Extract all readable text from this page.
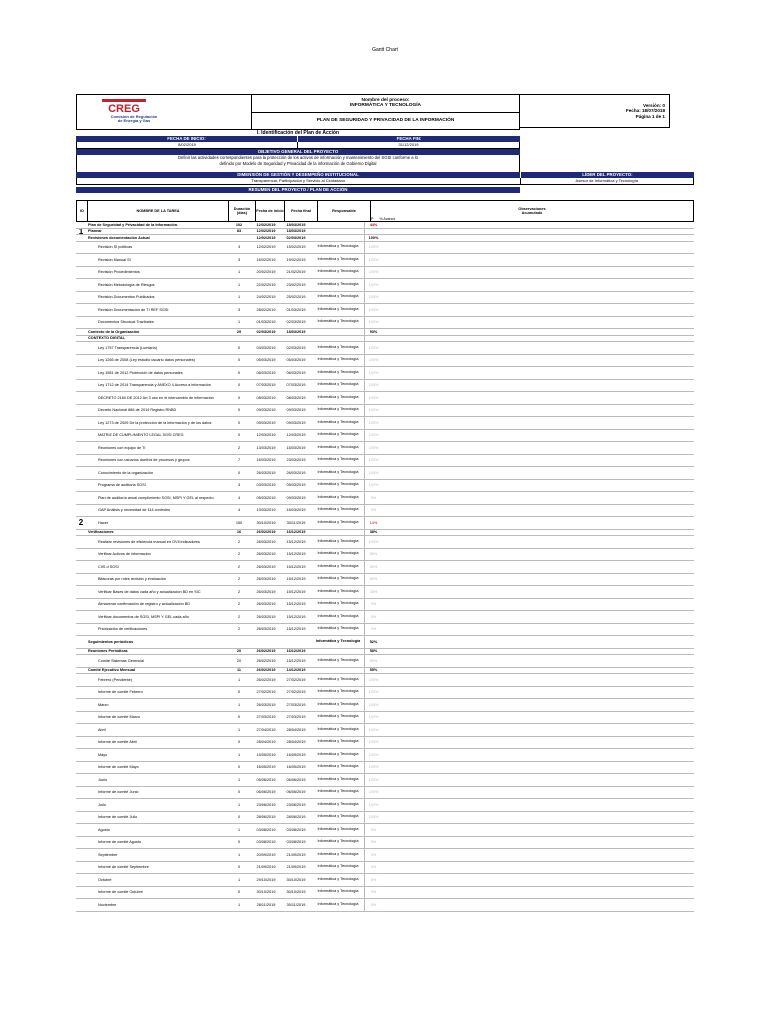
Gantt Chart
CREG
Comisión de Regulación
de Energía y Gas
Nombre del proceso:
INFORMÁTICA Y TECNOLOGÍA
PLAN DE SEGURIDAD Y PRIVACIDAD DE LA INFORMACIÓN
Versión: 0
Fecha: 18/07/2018
Página 1 de 1
I. Identificación del Plan de Acción
FECHA DE INICIO:	FECHA FIN:
8/02/2019	31/12/2019
OBJETIVO GENERAL DEL PROYECTO
Definir las actividades correspondientes para la protección de los activos de información y mantenimiento del SGSI conforme a lo
definido por Modelo de Seguridad y Privacidad de la información de Gobierno Digital
DIMENSIÓN DE GESTIÓN Y DESEMPEÑO INSTITUCIONAL	LÍDER DEL PROYECTO:
Transparencia, Participación y Servicio al Ciudadano	Asesor de Informática y Tecnología
RESUMEN DEL PROYECTO / PLAN DE ACCIÓN
ID	NOMBRE DE LA TAREA
Duración (días)
Fecha de inicio	Fecha final	Responsable
Observaciones
Acumulado
P % Avance
Plan de Seguridad y Privacidad de la Información.	102	12/02/2019	18/03/2019	44%
1	Planear	83	12/02/2019	18/03/2019
Revisiones documentación Actual	12/02/2019	02/03/2019	100%
Revisión SI políticas	3	12/02/2019	15/02/2019	Informática y Tecnología	100%
Revisión Manual SI	3	16/02/2019	19/02/2019	Informática y Tecnología	100%
Revisión Procedimientos	1	20/02/2019	21/02/2019	Informática y Tecnología	100%
Revisión Metodología de Riesgos	1	22/02/2019	23/02/2019	Informática y Tecnología	100%
Revisión Documentos Publicados	1	24/02/2019	25/02/2019	Informática y Tecnología	100%
Revisión Documentación de TI REF SGSI	3	28/02/2019	01/03/2019	Informática y Tecnología	100%
Documentos Structual Trazibales	1	01/03/2019	02/03/2019	Informática y Tecnología	100%
Contexto de la Organización	29	02/03/2019	18/03/2019	93%
CONTEXTO DIGITAL
Ley 1757 Transparencia (Lumiaria)	0	04/03/2019	02/03/2019	Informática y Tecnología	100%
Ley 1266 de 2008 (Ley estudio usuario datos personales)	0	05/03/2019	05/03/2019	Informática y Tecnología	100%
Ley 1581 de 2012 Protección de datos personales	0	06/03/2019	06/03/2019	Informática y Tecnología	100%
Ley 1712 de 2014 Transparencia y ANEXO 4 Acceso a información	0	07/03/2019	07/03/2019	Informática y Tecnología	100%
DECRETO 2160 DE 2012 Art 3 uso en el intercambio de información	0	08/03/2019	08/03/2019	Informática y Tecnología	100%
Decreto Nacional 886 de 2014 Registro RNBD	0	09/03/2019	09/03/2019	Informática y Tecnología	100%
Ley 1273 de 2009 De la protección de la información y de los datos	0	09/03/2019	09/03/2019	Informática y Tecnología	100%
MATRIZ DE CUMPLIMIENTO LEGAL SGSI CREG	0	12/03/2019	12/03/2019	Informática y Tecnología	100%
Reuniones con equipo de TI	2	13/03/2019	15/03/2019	Informática y Tecnología	100%
Reuniones con usuarios dueños de procesos y grupos	7	16/03/2019	23/03/2019	Informática y Tecnología	100%
Conocimiento de la organización	0	26/03/2019	26/03/2019	Informática y Tecnología	100%
Programa de auditoria SGSI	3	03/03/2019	05/03/2019	Informática y Tecnología	100%
Plan de auditoría anual cumplimiento SGSI, MSPI Y GEL al respecto	4	05/03/2019	09/03/2019	Informática y Tecnología	0%
GAP Análisis y necesidad de 114 controles	4	13/03/2019	16/03/2019	Informática y Tecnología	0%
2	Hacer	150	30/10/2019	30/11/2019	Informática y Tecnología	14%
Verificaciones	16	26/02/2019	16/12/2019	38%
Realizar revisiones de eficiencia manual en OVIl indicadores	2	26/03/2019	15/12/2019	Informática y Tecnología	100%
Verificar Activos de información	2	26/03/2019	15/12/2019	Informática y Tecnología	50%
CIIS d SGSI	2	26/03/2019	15/12/2019	Informática y Tecnología	50%
Bitácoras por roles revisión y evaluación	2	26/03/2019	15/12/2019	Informática y Tecnología	50%
Verificar Bases de datos cada año y actualización BD en SIC	2	26/03/2019	15/12/2019	Informática y Tecnología	25%
Almacenar confirmación de registro y actualización BD	2	26/03/2019	15/12/2019	Informática y Tecnología	0%
Verificar documentos de SGSI, MSPI Y GEL cada año	2	26/03/2019	15/12/2019	Informática y Tecnología	0%
Priorización de verificaciones	2	26/03/2019	15/12/2019	Informática y Tecnología	0%
Seguimientos periódicos	Informática y Tecnología	52%
Reuniones Periódicas	20	26/02/2019	16/12/2019	58%
Comité Sistemas Gerencial	20	26/02/2019	15/12/2019	Informática y Tecnología	50%
Comité Ejecutivo Mensual	11	26/02/2019	14/12/2019	55%
Febrero (Pendiente)	1	26/02/2019	27/02/2019	Informática y Tecnología	100%
Informe de comité Febrero	0	27/02/2019	27/02/2019	Informática y Tecnología	100%
Marzo	1	26/03/2019	27/03/2019	Informática y Tecnología	100%
Informe de comité Marzo	0	27/03/2019	27/03/2019	Informática y Tecnología	100%
Abril	1	27/04/2019	28/04/2019	Informática y Tecnología	100%
Informe de comité Abril	0	28/04/2019	28/04/2019	Informática y Tecnología	100%
Mayo	1	15/05/2019	16/05/2019	Informática y Tecnología	100%
Informe de comité Mayo	0	16/05/2019	16/05/2019	Informática y Tecnología	100%
Junio	1	05/06/2019	06/06/2019	Informática y Tecnología	100%
Informe de comité Junio	0	06/06/2019	06/06/2019	Informática y Tecnología	100%
Julio	1	23/06/2019	23/06/2019	Informática y Tecnología	100%
Informe de comité Julio	0	28/06/2019	28/06/2019	Informática y Tecnología	100%
Agosto	1	03/08/2019	03/08/2019	Informática y Tecnología	0%
Informe de comité Agosto	0	03/08/2019	03/08/2019	Informática y Tecnología	0%
Septiembre	1	20/09/2019	21/09/2019	Informática y Tecnología	0%
Informe de comité Septiembre	0	21/09/2019	21/09/2019	Informática y Tecnología	0%
Octubre	1	29/10/2019	30/10/2019	Informática y Tecnología	0%
Informe de comité Octubre	0	30/10/2019	30/10/2019	Informática y Tecnología	0%
Noviembre	1	28/11/2019	30/11/2019	Informática y Tecnología	0%
